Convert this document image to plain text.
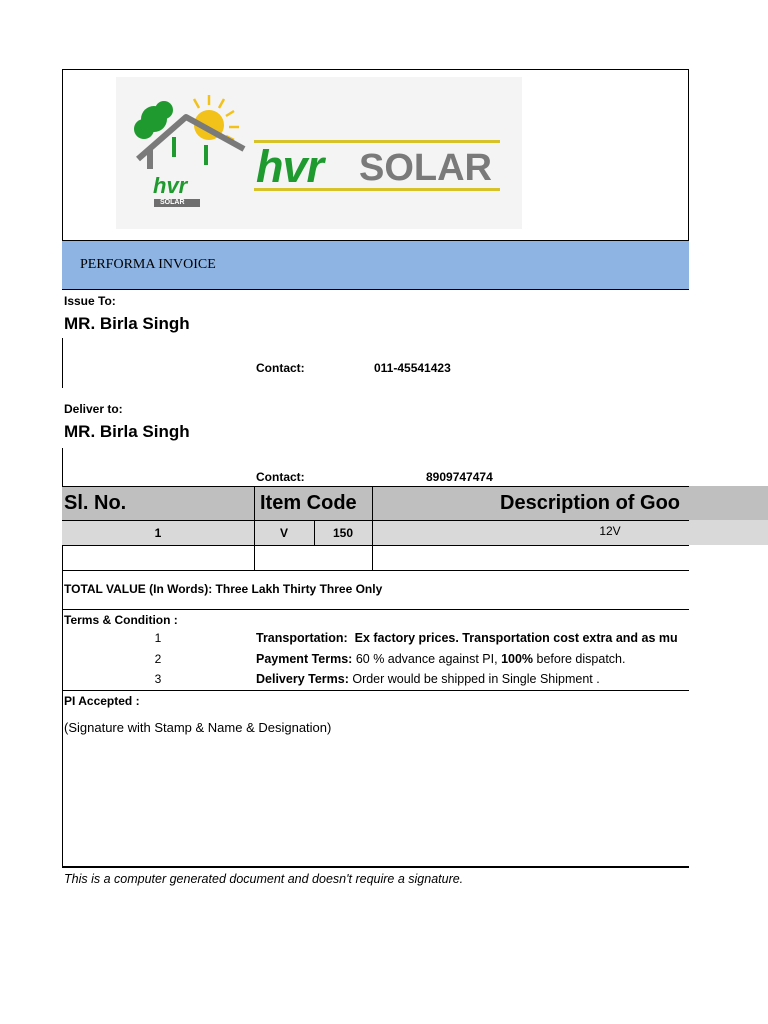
hvr SOLAR
hvr
SOLAR
PERFORMA INVOICE
Issue To:
MR. Birla Singh
Contact:	011-45541423
Deliver to:
MR. Birla Singh
Contact:	8909747474
Sl. No.	Item Code	Description of Goo
1	V	150	12V
TOTAL VALUE (In Words): Three Lakh Thirty Three Only
Terms & Condition :
1	Transportation:  Ex factory prices. Transportation cost extra and as mu
2	Payment Terms: 60 % advance against PI, 100% before dispatch.
3	Delivery Terms: Order would be shipped in Single Shipment .
PI Accepted :
(Signature with Stamp & Name & Designation)
This is a computer generated document and doesn't require a signature.
